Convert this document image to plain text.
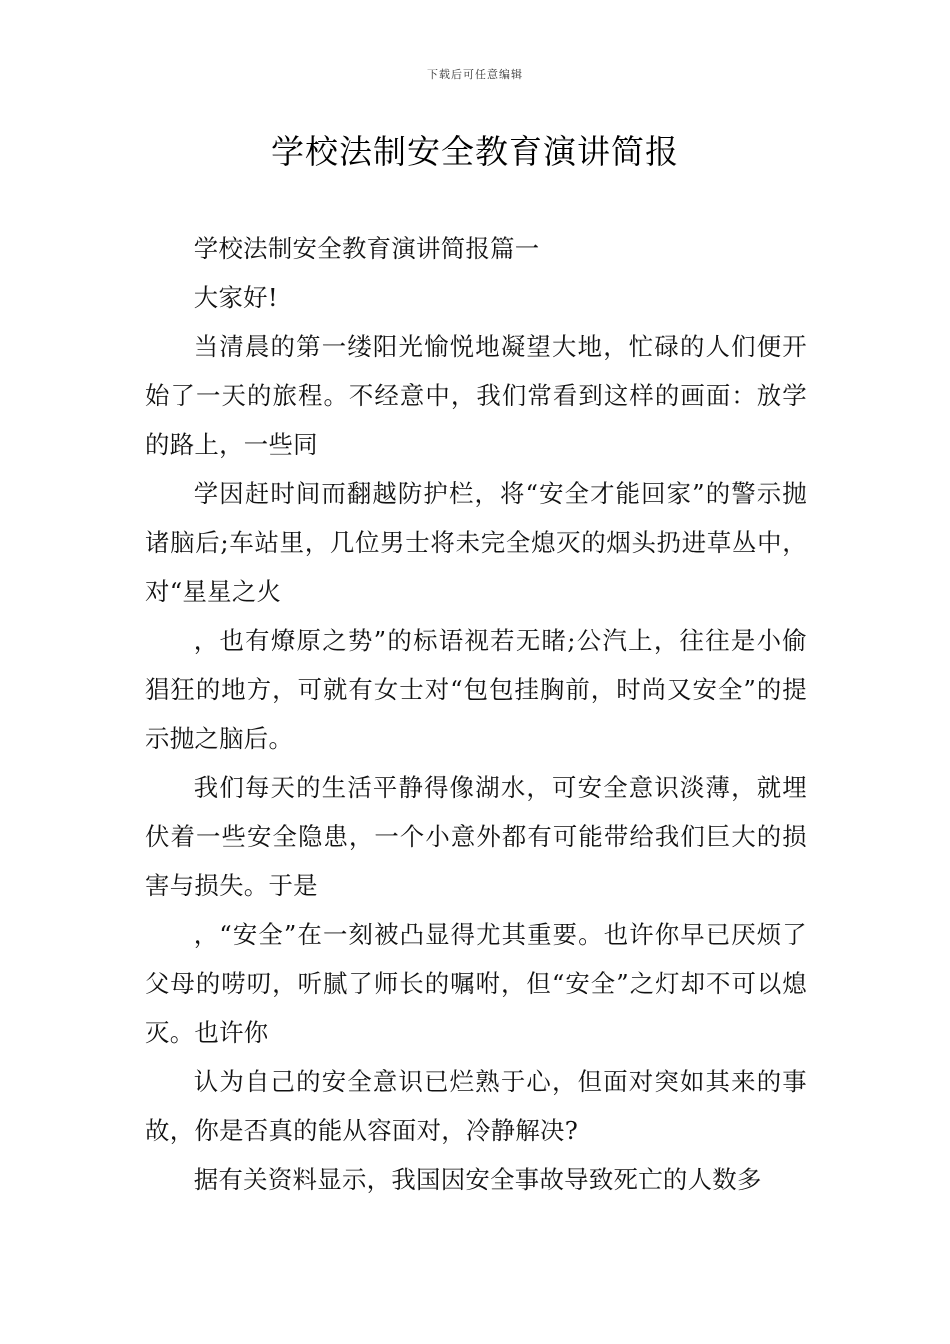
下载后可任意编辑
学校法制安全教育演讲简报

学校法制安全教育演讲简报篇一

大家好!

当清晨的第一缕阳光愉悦地凝望大地，忙碌的人们便开始了一天的旅程。不经意中，我们常看到这样的画面：放学的路上，一些同

学因赶时间而翻越防护栏，将“安全才能回家”的警示抛诸脑后;车站里，几位男士将未完全熄灭的烟头扔进草丛中，对“星星之火

，也有燎原之势”的标语视若无睹;公汽上，往往是小偷猖狂的地方，可就有女士对“包包挂胸前，时尚又安全”的提示抛之脑后。

我们每天的生活平静得像湖水，可安全意识淡薄，就埋伏着一些安全隐患，一个小意外都有可能带给我们巨大的损害与损失。于是

，“安全”在一刻被凸显得尤其重要。也许你早已厌烦了父母的唠叨，听腻了师长的嘱咐，但“安全”之灯却不可以熄灭。也许你

认为自己的安全意识已烂熟于心，但面对突如其来的事故，你是否真的能从容面对，冷静解决?

据有关资料显示，我国因安全事故导致死亡的人数多
